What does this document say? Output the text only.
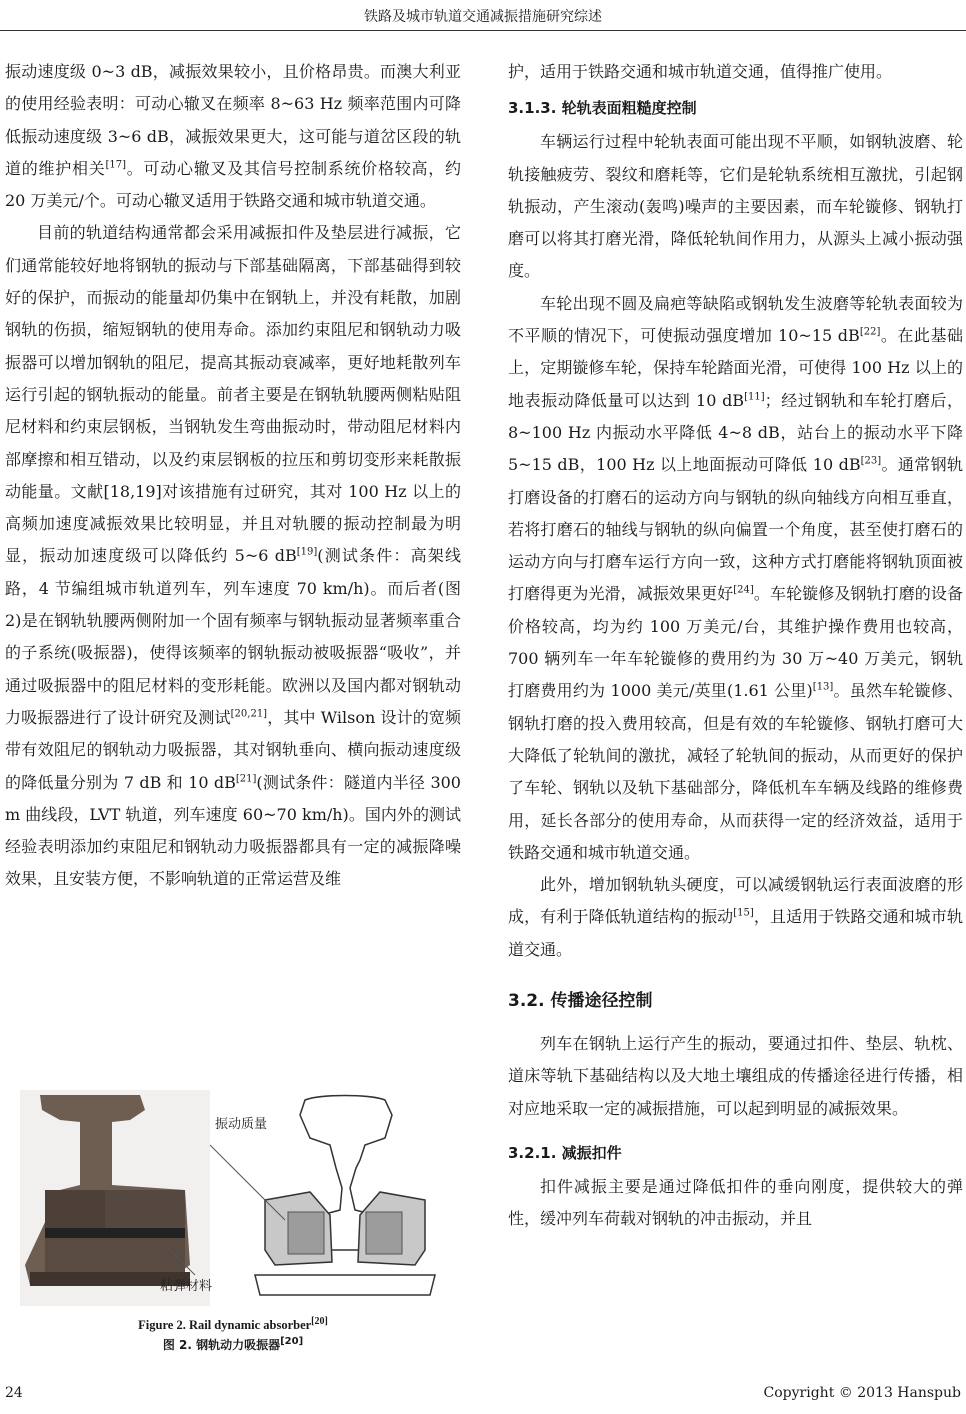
铁路及城市轨道交通减振措施研究综述

振动速度级 0~3 dB，减振效果较小，且价格昂贵。而澳大利亚的使用经验表明：可动心辙叉在频率 8~63 Hz 频率范围内可降低振动速度级 3~6 dB，减振效果更大，这可能与道岔区段的轨道的维护相关[17]。可动心辙叉及其信号控制系统价格较高，约 20 万美元/个。可动心辙叉适用于铁路交通和城市轨道交通。

目前的轨道结构通常都会采用减振扣件及垫层进行减振，它们通常能较好地将钢轨的振动与下部基础隔离，下部基础得到较好的保护，而振动的能量却仍集中在钢轨上，并没有耗散，加剧钢轨的伤损，缩短钢轨的使用寿命。添加约束阻尼和钢轨动力吸振器可以增加钢轨的阻尼，提高其振动衰减率，更好地耗散列车运行引起的钢轨振动的能量。前者主要是在钢轨轨腰两侧粘贴阻尼材料和约束层钢板，当钢轨发生弯曲振动时，带动阻尼材料内部摩擦和相互错动，以及约束层钢板的拉压和剪切变形来耗散振动能量。文献[18,19]对该措施有过研究，其对 100 Hz 以上的高频加速度减振效果比较明显，并且对轨腰的振动控制最为明显，振动加速度级可以降低约 5~6 dB[19](测试条件：高架线路，4 节编组城市轨道列车，列车速度 70 km/h)。而后者(图 2)是在钢轨轨腰两侧附加一个固有频率与钢轨振动显著频率重合的子系统(吸振器)，使得该频率的钢轨振动被吸振器“吸收”，并通过吸振器中的阻尼材料的变形耗能。欧洲以及国内都对钢轨动力吸振器进行了设计研究及测试[20,21]，其中 Wilson 设计的宽频带有效阻尼的钢轨动力吸振器，其对钢轨垂向、横向振动速度级的降低量分别为 7 dB 和 10 dB[21](测试条件：隧道内半径 300 m 曲线段，LVT 轨道，列车速度 60~70 km/h)。国内外的测试经验表明添加约束阻尼和钢轨动力吸振器都具有一定的减振降噪效果，且安装方便，不影响轨道的正常运营及维

振动质量
粘弹材料
Figure 2. Rail dynamic absorber[20]
图 2. 钢轨动力吸振器[20]

护，适用于铁路交通和城市轨道交通，值得推广使用。

3.1.3. 轮轨表面粗糙度控制

车辆运行过程中轮轨表面可能出现不平顺，如钢轨波磨、轮轨接触疲劳、裂纹和磨耗等，它们是轮轨系统相互激扰，引起钢轨振动，产生滚动(轰鸣)噪声的主要因素，而车轮镟修、钢轨打磨可以将其打磨光滑，降低轮轨间作用力，从源头上减小振动强度。

车轮出现不圆及扁疤等缺陷或钢轨发生波磨等轮轨表面较为不平顺的情况下，可使振动强度增加 10~15 dB[22]。在此基础上，定期镟修车轮，保持车轮踏面光滑，可使得 100 Hz 以上的地表振动降低量可以达到 10 dB[11]；经过钢轨和车轮打磨后，8~100 Hz 内振动水平降低 4~8 dB，站台上的振动水平下降 5~15 dB，100 Hz 以上地面振动可降低 10 dB[23]。通常钢轨打磨设备的打磨石的运动方向与钢轨的纵向轴线方向相互垂直，若将打磨石的轴线与钢轨的纵向偏置一个角度，甚至使打磨石的运动方向与打磨车运行方向一致，这种方式打磨能将钢轨顶面被打磨得更为光滑，减振效果更好[24]。车轮镟修及钢轨打磨的设备价格较高，均为约 100 万美元/台，其维护操作费用也较高，700 辆列车一年车轮镟修的费用约为 30 万~40 万美元，钢轨打磨费用约为 1000 美元/英里(1.61 公里)[13]。虽然车轮镟修、钢轨打磨的投入费用较高，但是有效的车轮镟修、钢轨打磨可大大降低了轮轨间的激扰，减轻了轮轨间的振动，从而更好的保护了车轮、钢轨以及轨下基础部分，降低机车车辆及线路的维修费用，延长各部分的使用寿命，从而获得一定的经济效益，适用于铁路交通和城市轨道交通。

此外，增加钢轨轨头硬度，可以减缓钢轨运行表面波磨的形成，有利于降低轨道结构的振动[15]，且适用于铁路交通和城市轨道交通。

3.2. 传播途径控制

列车在钢轨上运行产生的振动，要通过扣件、垫层、轨枕、道床等轨下基础结构以及大地土壤组成的传播途径进行传播，相对应地采取一定的减振措施，可以起到明显的减振效果。

3.2.1. 减振扣件

扣件减振主要是通过降低扣件的垂向刚度，提供较大的弹性，缓冲列车荷载对钢轨的冲击振动，并且

24	Copyright © 2013 Hanspub
